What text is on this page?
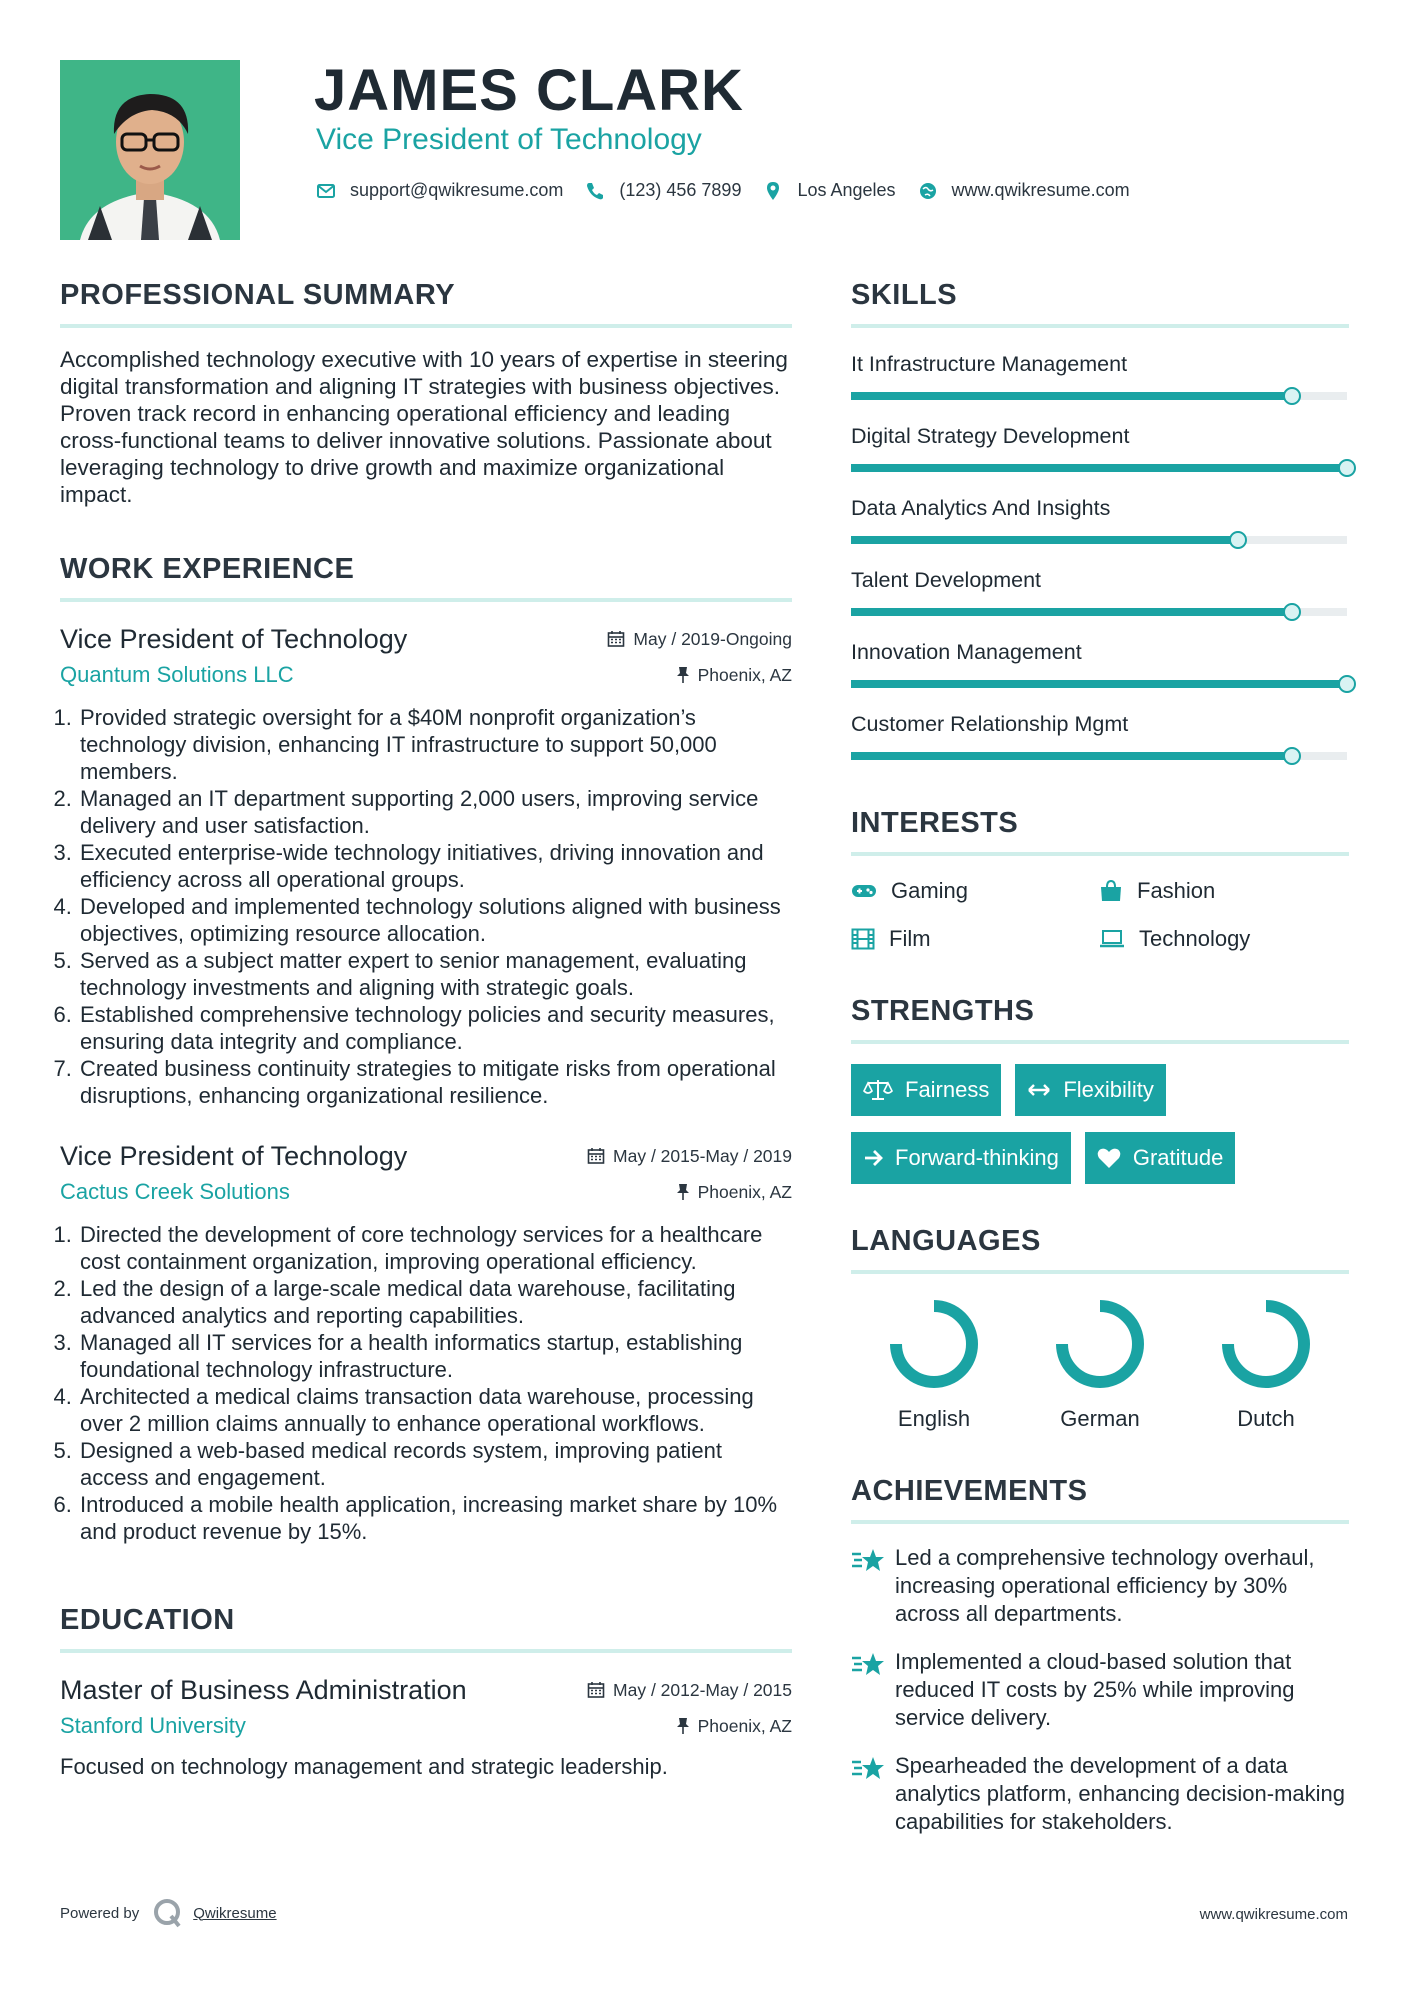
JAMES CLARK
Vice President of Technology
support@qwikresume.com	(123) 456 7899	Los Angeles	www.qwikresume.com
PROFESSIONAL SUMMARY
Accomplished technology executive with 10 years of expertise in steering digital transformation and aligning IT strategies with business objectives. Proven track record in enhancing operational efficiency and leading cross-functional teams to deliver innovative solutions. Passionate about leveraging technology to drive growth and maximize organizational impact.
WORK EXPERIENCE
Vice President of Technology
Quantum Solutions LLC
May / 2019-Ongoing
Phoenix, AZ
1. Provided strategic oversight for a $40M nonprofit organization’s technology division, enhancing IT infrastructure to support 50,000 members.
2. Managed an IT department supporting 2,000 users, improving service delivery and user satisfaction.
3. Executed enterprise-wide technology initiatives, driving innovation and efficiency across all operational groups.
4. Developed and implemented technology solutions aligned with business objectives, optimizing resource allocation.
5. Served as a subject matter expert to senior management, evaluating technology investments and aligning with strategic goals.
6. Established comprehensive technology policies and security measures, ensuring data integrity and compliance.
7. Created business continuity strategies to mitigate risks from operational disruptions, enhancing organizational resilience.
Vice President of Technology
Cactus Creek Solutions
May / 2015-May / 2019
Phoenix, AZ
1. Directed the development of core technology services for a healthcare cost containment organization, improving operational efficiency.
2. Led the design of a large-scale medical data warehouse, facilitating advanced analytics and reporting capabilities.
3. Managed all IT services for a health informatics startup, establishing foundational technology infrastructure.
4. Architected a medical claims transaction data warehouse, processing over 2 million claims annually to enhance operational workflows.
5. Designed a web-based medical records system, improving patient access and engagement.
6. Introduced a mobile health application, increasing market share by 10% and product revenue by 15%.
EDUCATION
Master of Business Administration
Stanford University
May / 2012-May / 2015
Phoenix, AZ
Focused on technology management and strategic leadership.
SKILLS
It Infrastructure Management
Digital Strategy Development
Data Analytics And Insights
Talent Development
Innovation Management
Customer Relationship Mgmt
INTERESTS
Gaming	Fashion
Film	Technology
STRENGTHS
Fairness	Flexibility
Forward-thinking	Gratitude
LANGUAGES
English	German	Dutch
ACHIEVEMENTS
Led a comprehensive technology overhaul, increasing operational efficiency by 30% across all departments.
Implemented a cloud-based solution that reduced IT costs by 25% while improving service delivery.
Spearheaded the development of a data analytics platform, enhancing decision-making capabilities for stakeholders.
Powered by	Qwikresume	www.qwikresume.com
